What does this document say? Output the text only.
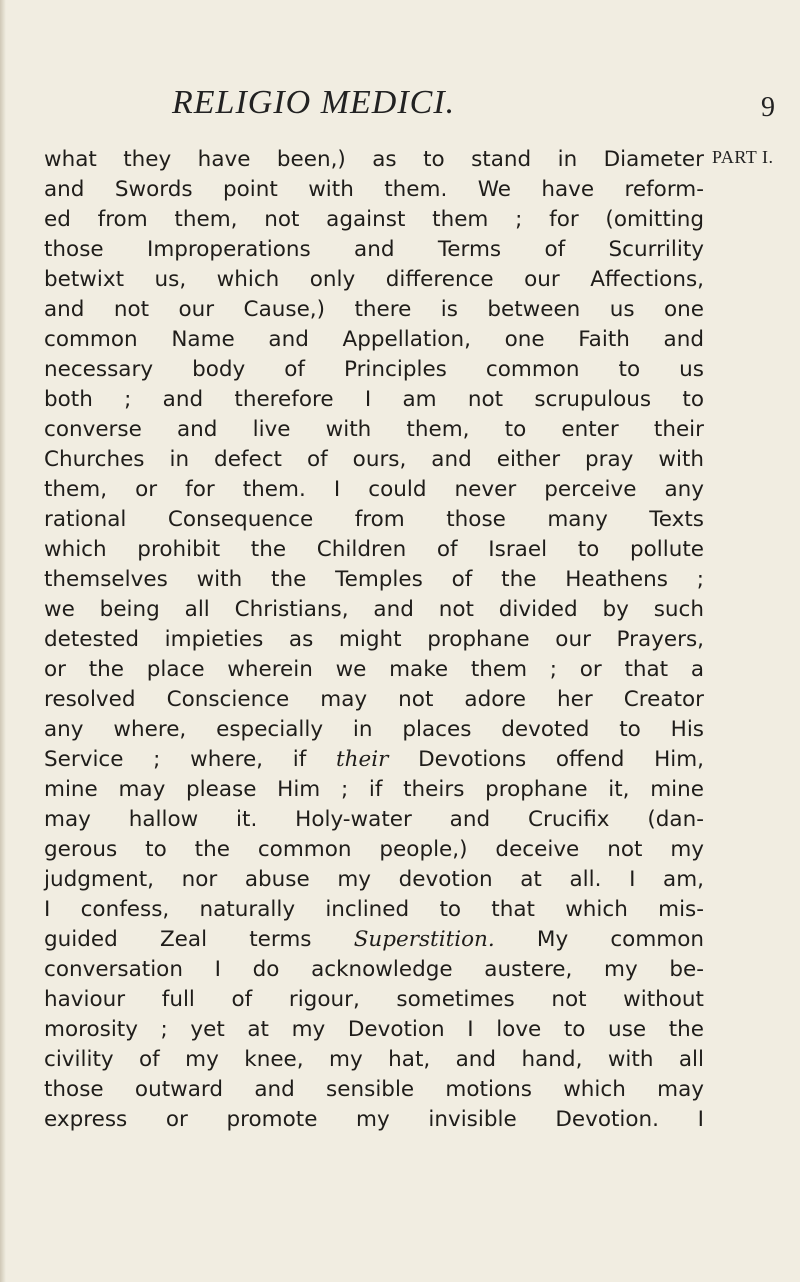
RELIGIO MEDICI.	9
PART I.
what they have been,) as to stand in Diameter
and Swords point with them. We have reform-
ed from them, not against them ; for (omitting
those Improperations and Terms of Scurrility
betwixt us, which only difference our Affections,
and not our Cause,) there is between us one
common Name and Appellation, one Faith and
necessary body of Principles common to us
both ; and therefore I am not scrupulous to
converse and live with them, to enter their
Churches in defect of ours, and either pray with
them, or for them. I could never perceive any
rational Consequence from those many Texts
which prohibit the Children of Israel to pollute
themselves with the Temples of the Heathens ;
we being all Christians, and not divided by such
detested impieties as might prophane our Prayers,
or the place wherein we make them ; or that a
resolved Conscience may not adore her Creator
any where, especially in places devoted to His
Service ; where, if their Devotions offend Him,
mine may please Him ; if theirs prophane it, mine
may hallow it. Holy-water and Crucifix (dan-
gerous to the common people,) deceive not my
judgment, nor abuse my devotion at all. I am,
I confess, naturally inclined to that which mis-
guided Zeal terms Superstition. My common
conversation I do acknowledge austere, my be-
haviour full of rigour, sometimes not without
morosity ; yet at my Devotion I love to use the
civility of my knee, my hat, and hand, with all
those outward and sensible motions which may
express or promote my invisible Devotion. I
